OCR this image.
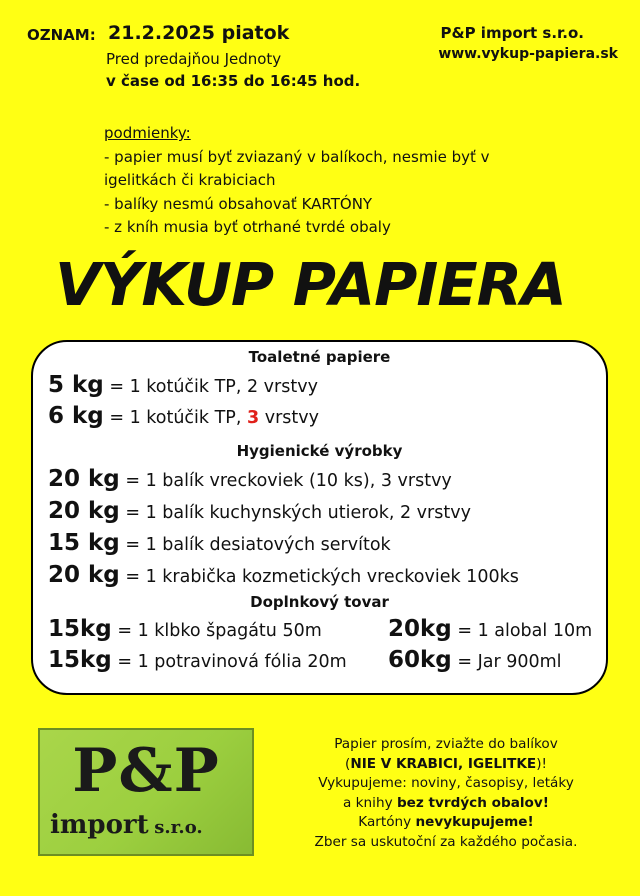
OZNAM: 21.2.2025 piatok	P&P import s.r.o.
www.vykup-papiera.sk
Pred predajňou Jednoty
v čase od 16:35 do 16:45 hod.
podmienky:
- papier musí byť zviazaný v balíkoch, nesmie byť v
igelitkách či krabiciach
- balíky nesmú obsahovať KARTÓNY
- z kníh musia byť otrhané tvrdé obaly
VÝKUP PAPIERA
Toaletné papiere
5 kg = 1 kotúčik TP, 2 vrstvy
6 kg = 1 kotúčik TP, 3 vrstvy
Hygienické výrobky
20 kg = 1 balík vreckoviek (10 ks), 3 vrstvy
20 kg = 1 balík kuchynských utierok, 2 vrstvy
15 kg = 1 balík desiatových servítok
20 kg = 1 krabička kozmetických vreckoviek 100ks
Doplnkový tovar
15kg = 1 klbko špagátu 50m	20kg = 1 alobal 10m
15kg = 1 potravinová fólia 20m 60kg = Jar 900ml
P&P
import s.r.o.
Papier prosím, zviažte do balíkov
(NIE V KRABICI, IGELITKE)!
Vykupujeme: noviny, časopisy, letáky
a knihy bez tvrdých obalov!
Kartóny nevykupujeme!
Zber sa uskutoční za každého počasia.
